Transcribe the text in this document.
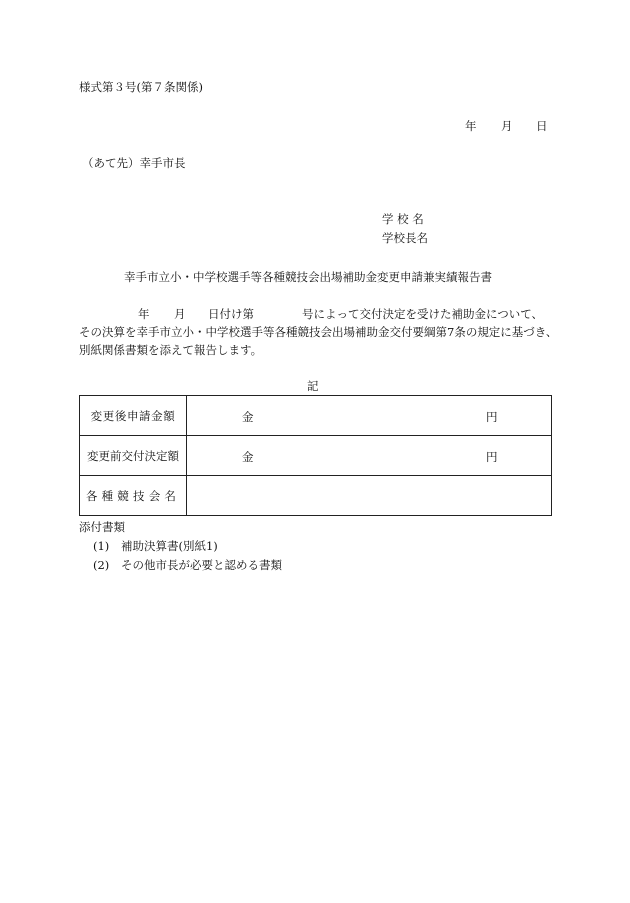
様式第３号(第７条関係)
年 月 日
（あて先）幸手市長
学 校 名
学校長名
幸手市立小・中学校選手等各種競技会出場補助金変更申請兼実績報告書
年 月 日付け第	号によって交付決定を受けた補助金について、
その決算を幸手市立小・中学校選手等各種競技会出場補助金交付要綱第7条の規定に基づき、
別紙関係書類を添えて報告します。
記
変更後申請金額	金 円

変更前交付決定額	金 円

各種競技会名	
添付書類
(1) 補助決算書(別紙1)
(2) その他市長が必要と認める書類
